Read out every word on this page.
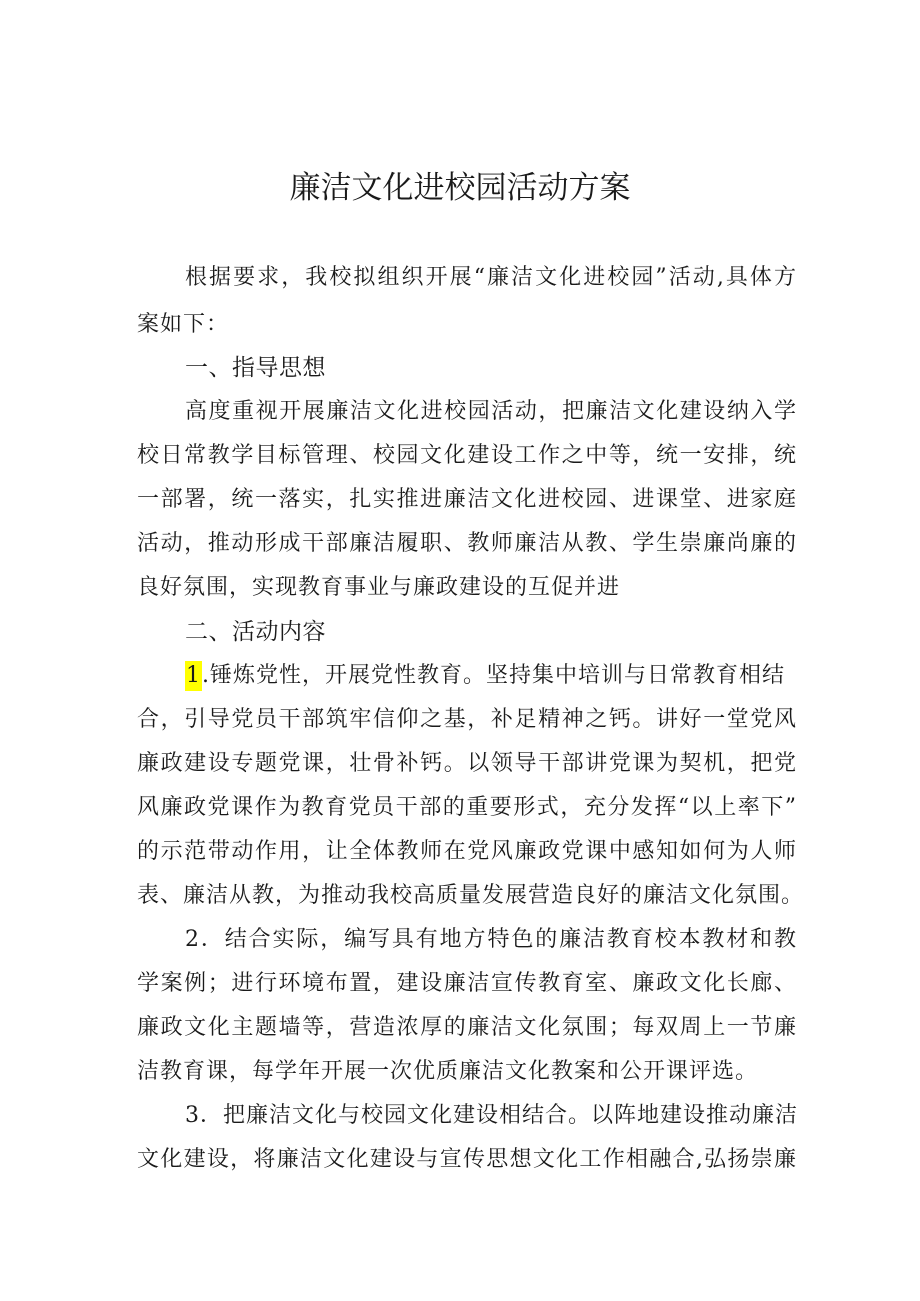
廉洁文化进校园活动方案
根据要求，我校拟组织开展“廉洁文化进校园”活动,具体方
案如下：
一、指导思想
高度重视开展廉洁文化进校园活动，把廉洁文化建设纳入学
校日常教学目标管理、校园文化建设工作之中等，统一安排，统
一部署，统一落实，扎实推进廉洁文化进校园、进课堂、进家庭
活动，推动形成干部廉洁履职、教师廉洁从教、学生崇廉尚廉的
良好氛围，实现教育事业与廉政建设的互促并进
二、活动内容
1.锤炼党性，开展党性教育。坚持集中培训与日常教育相结
合，引导党员干部筑牢信仰之基，补足精神之钙。讲好一堂党风
廉政建设专题党课，壮骨补钙。以领导干部讲党课为契机，把党
风廉政党课作为教育党员干部的重要形式，充分发挥“以上率下”
的示范带动作用，让全体教师在党风廉政党课中感知如何为人师
表、廉洁从教，为推动我校高质量发展营造良好的廉洁文化氛围。
2．结合实际，编写具有地方特色的廉洁教育校本教材和教
学案例；进行环境布置，建设廉洁宣传教育室、廉政文化长廊、
廉政文化主题墙等，营造浓厚的廉洁文化氛围；每双周上一节廉
洁教育课，每学年开展一次优质廉洁文化教案和公开课评选。
3．把廉洁文化与校园文化建设相结合。以阵地建设推动廉洁
文化建设，将廉洁文化建设与宣传思想文化工作相融合,弘扬崇廉
